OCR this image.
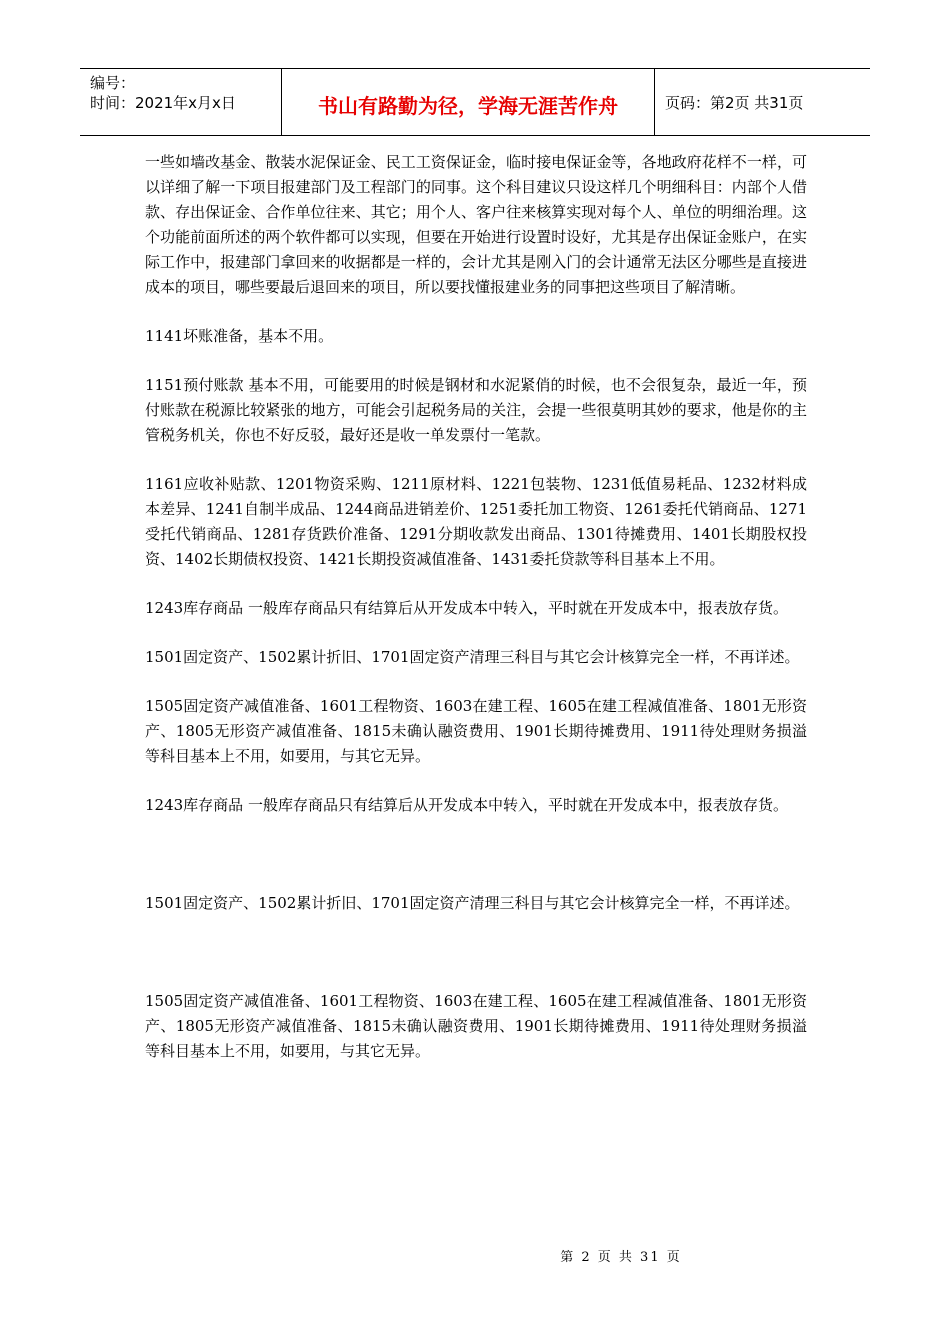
编号：
时间：2021年x月x日	书山有路勤为径，学海无涯苦作舟	页码：第2页 共31页

一些如墙改基金、散装水泥保证金、民工工资保证金，临时接电保证金等，各地政府花样不一样，可以详细了解一下项目报建部门及工程部门的同事。这个科目建议只设这样几个明细科目：内部个人借款、存出保证金、合作单位往来、其它；用个人、客户往来核算实现对每个人、单位的明细治理。这个功能前面所述的两个软件都可以实现，但要在开始进行设置时设好，尤其是存出保证金账户，在实际工作中，报建部门拿回来的收据都是一样的，会计尤其是刚入门的会计通常无法区分哪些是直接进成本的项目，哪些要最后退回来的项目，所以要找懂报建业务的同事把这些项目了解清晰。

1141坏账准备，基本不用。

1151预付账款 基本不用，可能要用的时候是钢材和水泥紧俏的时候，也不会很复杂，最近一年，预付账款在税源比较紧张的地方，可能会引起税务局的关注，会提一些很莫明其妙的要求，他是你的主管税务机关，你也不好反驳，最好还是收一单发票付一笔款。

1161应收补贴款、1201物资采购、1211原材料、1221包装物、1231低值易耗品、1232材料成本差异、1241自制半成品、1244商品进销差价、1251委托加工物资、1261委托代销商品、1271受托代销商品、1281存货跌价准备、1291分期收款发出商品、1301待摊费用、1401长期股权投资、1402长期债权投资、1421长期投资减值准备、1431委托贷款等科目基本上不用。

1243库存商品 一般库存商品只有结算后从开发成本中转入，平时就在开发成本中，报表放存货。

1501固定资产、1502累计折旧、1701固定资产清理三科目与其它会计核算完全一样，不再详述。

1505固定资产减值准备、1601工程物资、1603在建工程、1605在建工程减值准备、1801无形资产、1805无形资产减值准备、1815未确认融资费用、1901长期待摊费用、1911待处理财务损溢等科目基本上不用，如要用，与其它无异。

1243库存商品 一般库存商品只有结算后从开发成本中转入，平时就在开发成本中，报表放存货。

1501固定资产、1502累计折旧、1701固定资产清理三科目与其它会计核算完全一样，不再详述。

1505固定资产减值准备、1601工程物资、1603在建工程、1605在建工程减值准备、1801无形资产、1805无形资产减值准备、1815未确认融资费用、1901长期待摊费用、1911待处理财务损溢等科目基本上不用，如要用，与其它无异。

第 2 页 共 31 页
